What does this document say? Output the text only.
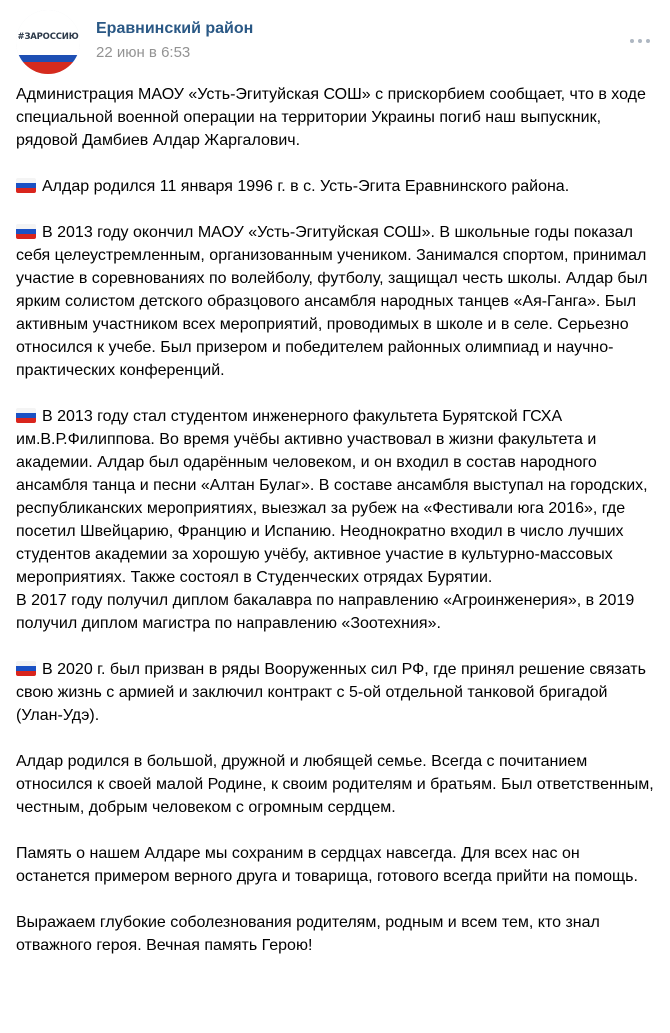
#ЗАРОССИЮ Еравнинский район
22 июн в 6:53

Администрация МАОУ «Усть-Эгитуйская СОШ» с прискорбием сообщает, что в ходе специальной военной операции на территории Украины погиб наш выпускник, рядовой Дамбиев Алдар Жаргалович.

Алдар родился 11 января 1996 г. в с. Усть-Эгита Еравнинского района.

В 2013 году окончил МАОУ «Усть-Эгитуйская СОШ». В школьные годы показал себя целеустремленным, организованным учеником. Занимался спортом, принимал участие в соревнованиях по волейболу, футболу, защищал честь школы. Алдар был ярким солистом детского образцового ансамбля народных танцев «Ая-Ганга». Был активным участником всех мероприятий, проводимых в школе и в селе. Серьезно относился к учебе. Был призером и победителем районных олимпиад и научно-практических конференций.

В 2013 году стал студентом инженерного факультета Бурятской ГСХА им.В.Р.Филиппова. Во время учёбы активно участвовал в жизни факультета и академии. Алдар был одарённым человеком, и он входил в состав народного ансамбля танца и песни «Алтан Булаг». В составе ансамбля выступал на городских, республиканских мероприятиях, выезжал за рубеж на «Фестивали юга 2016», где посетил Швейцарию, Францию и Испанию. Неоднократно входил в число лучших студентов академии за хорошую учёбу, активное участие в культурно-массовых мероприятиях. Также состоял в Студенческих отрядах Бурятии.

В 2017 году получил диплом бакалавра по направлению «Агроинженерия», в 2019 получил диплом магистра по направлению «Зоотехния».

В 2020 г. был призван в ряды Вооруженных сил РФ, где принял решение связать свою жизнь с армией и заключил контракт с 5-ой отдельной танковой бригадой (Улан-Удэ).

Алдар родился в большой, дружной и любящей семье. Всегда с почитанием относился к своей малой Родине, к своим родителям и братьям. Был ответственным, честным, добрым человеком с огромным сердцем.

Память о нашем Алдаре мы сохраним в сердцах навсегда. Для всех нас он останется примером верного друга и товарища, готового всегда прийти на помощь.

Выражаем глубокие соболезнования родителям, родным и всем тем, кто знал отважного героя. Вечная память Герою!
